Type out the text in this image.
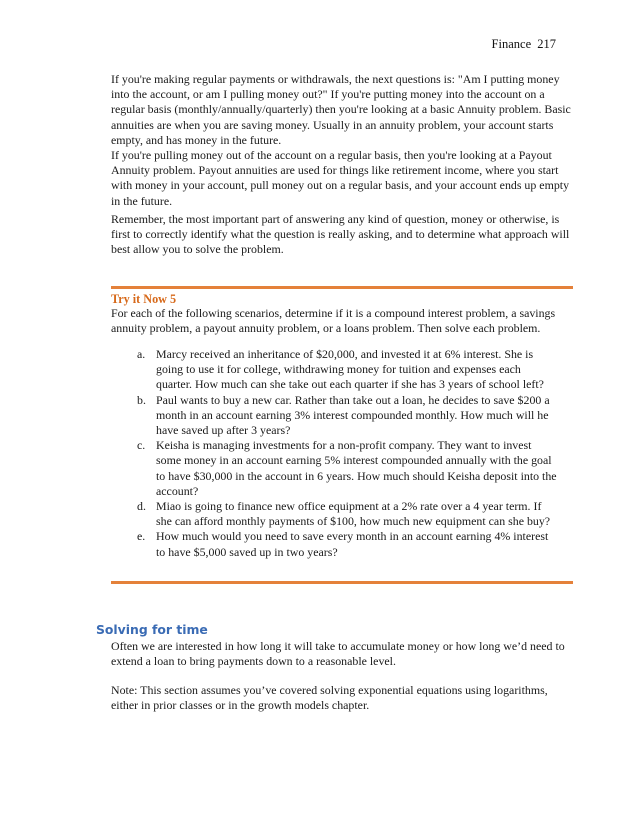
Finance 217

If you're making regular payments or withdrawals, the next questions is: "Am I putting money into the account, or am I pulling money out?" If you're putting money into the account on a regular basis (monthly/annually/quarterly) then you're looking at a basic Annuity problem. Basic annuities are when you are saving money. Usually in an annuity problem, your account starts empty, and has money in the future.

If you're pulling money out of the account on a regular basis, then you're looking at a Payout Annuity problem. Payout annuities are used for things like retirement income, where you start with money in your account, pull money out on a regular basis, and your account ends up empty in the future.

Remember, the most important part of answering any kind of question, money or otherwise, is first to correctly identify what the question is really asking, and to determine what approach will best allow you to solve the problem.

Try it Now 5

For each of the following scenarios, determine if it is a compound interest problem, a savings annuity problem, a payout annuity problem, or a loans problem. Then solve each problem.

a. Marcy received an inheritance of $20,000, and invested it at 6% interest. She is going to use it for college, withdrawing money for tuition and expenses each quarter. How much can she take out each quarter if she has 3 years of school left?
b. Paul wants to buy a new car. Rather than take out a loan, he decides to save $200 a month in an account earning 3% interest compounded monthly. How much will he have saved up after 3 years?
c. Keisha is managing investments for a non-profit company. They want to invest some money in an account earning 5% interest compounded annually with the goal to have $30,000 in the account in 6 years. How much should Keisha deposit into the account?
d. Miao is going to finance new office equipment at a 2% rate over a 4 year term. If she can afford monthly payments of $100, how much new equipment can she buy?
e. How much would you need to save every month in an account earning 4% interest to have $5,000 saved up in two years?
Solving for time

Often we are interested in how long it will take to accumulate money or how long we’d need to extend a loan to bring payments down to a reasonable level.

Note: This section assumes you’ve covered solving exponential equations using logarithms, either in prior classes or in the growth models chapter.
